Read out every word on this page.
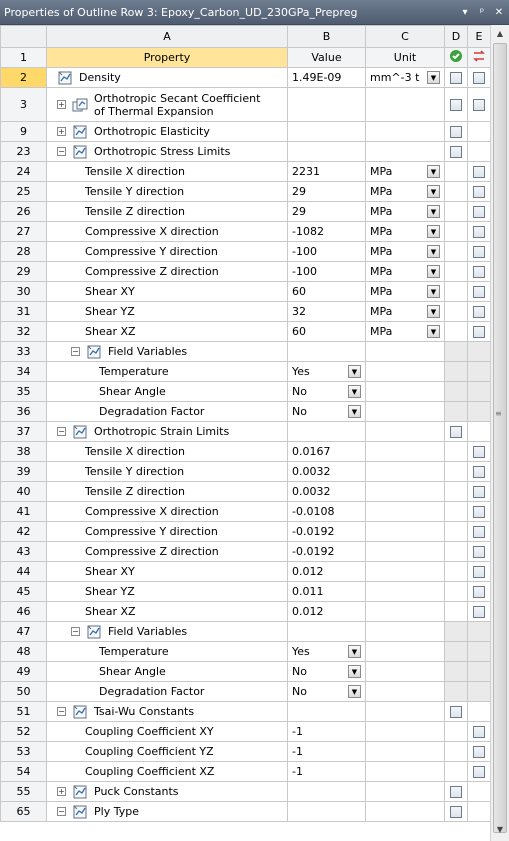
Properties of Outline Row 3: Epoxy_Carbon_UD_230GPa_Prepreg	▾	ᵖ	✕
	A	B	C	D	E
1	Property	Value	Unit		
2	Density	1.49E-09	mm^-3 t ▼		

3	+ Orthotropic Secant Coefficient of Thermal Expansion				
9	+ Orthotropic Elasticity				
23	− Orthotropic Stress Limits				
24	Tensile X direction	2231	MPa ▼		

25	Tensile Y direction	29	MPa ▼		

26	Tensile Z direction	29	MPa ▼		

27	Compressive X direction	-1082	MPa ▼		

28	Compressive Y direction	-100	MPa ▼		

29	Compressive Z direction	-100	MPa ▼		

30	Shear XY	60	MPa ▼		

31	Shear YZ	32	MPa ▼		

32	Shear XZ	60	MPa ▼		

33	− Field Variables				
34	Temperature	Yes ▼			

35	Shear Angle	No ▼			

36	Degradation Factor	No ▼			

37	− Orthotropic Strain Limits				
38	Tensile X direction	0.0167			
39	Tensile Y direction	0.0032			
40	Tensile Z direction	0.0032			
41	Compressive X direction	-0.0108			
42	Compressive Y direction	-0.0192			
43	Compressive Z direction	-0.0192			
44	Shear XY	0.012			
45	Shear YZ	0.011			
46	Shear XZ	0.012			
47	− Field Variables				
48	Temperature	Yes ▼			

49	Shear Angle	No ▼			

50	Degradation Factor	No ▼			

51	− Tsai-Wu Constants				
52	Coupling Coefficient XY	-1			
53	Coupling Coefficient YZ	-1			
54	Coupling Coefficient XZ	-1			
55	+ Puck Constants				
65	− Ply Type				
▲
≡
▼
